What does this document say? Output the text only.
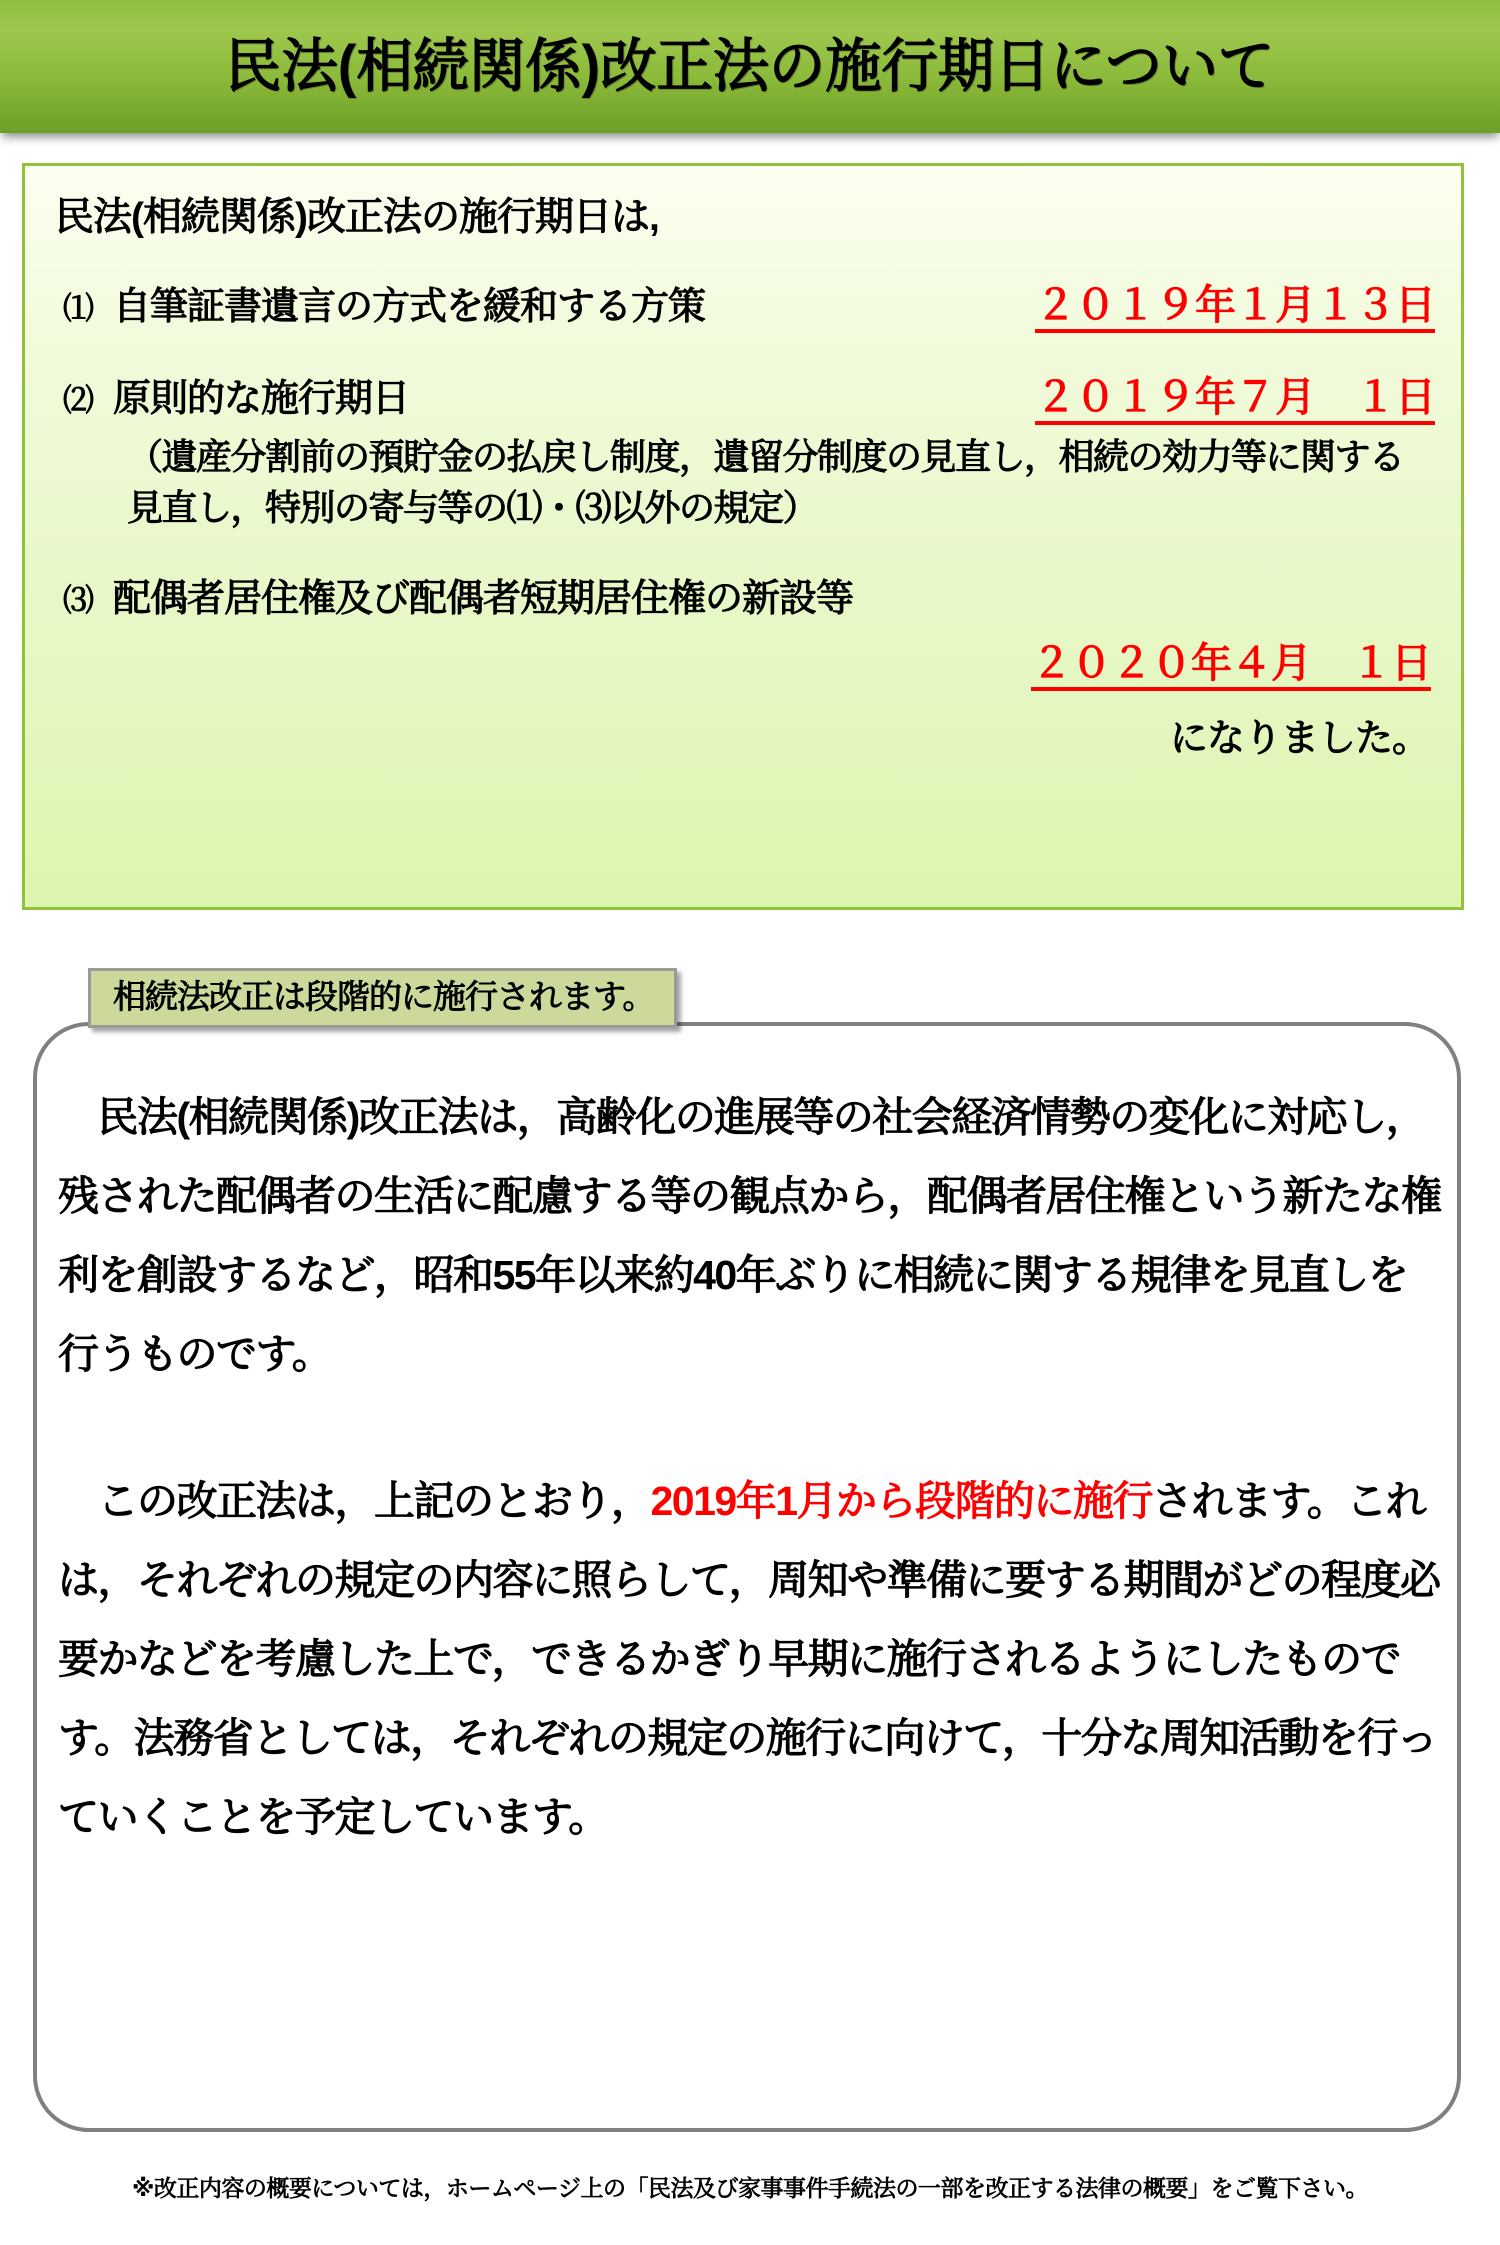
民法(相続関係)改正法の施行期日について
民法(相続関係)改正法の施行期日は,
⑴ 自筆証書遺言の方式を緩和する方策	２０１９年１月１３日
⑵ 原則的な施行期日	２０１９年７月　１日
（遺産分割前の預貯金の払戻し制度，遺留分制度の見直し，相続の効力等に関する見直し，特別の寄与等の⑴・⑶以外の規定）
⑶ 配偶者居住権及び配偶者短期居住権の新設等
２０２０年４月　１日
になりました。
相続法改正は段階的に施行されます。

　民法(相続関係)改正法は，高齢化の進展等の社会経済情勢の変化に対応し，残された配偶者の生活に配慮する等の観点から，配偶者居住権という新たな権利を創設するなど，昭和55年以来約40年ぶりに相続に関する規律を見直しを行うものです。

　この改正法は，上記のとおり，2019年1月から段階的に施行されます。これは，それぞれの規定の内容に照らして，周知や準備に要する期間がどの程度必要かなどを考慮した上で，できるかぎり早期に施行されるようにしたものです。法務省としては，それぞれの規定の施行に向けて，十分な周知活動を行っていくことを予定しています。

※改正内容の概要については，ホームページ上の「民法及び家事事件手続法の一部を改正する法律の概要」をご覧下さい。
